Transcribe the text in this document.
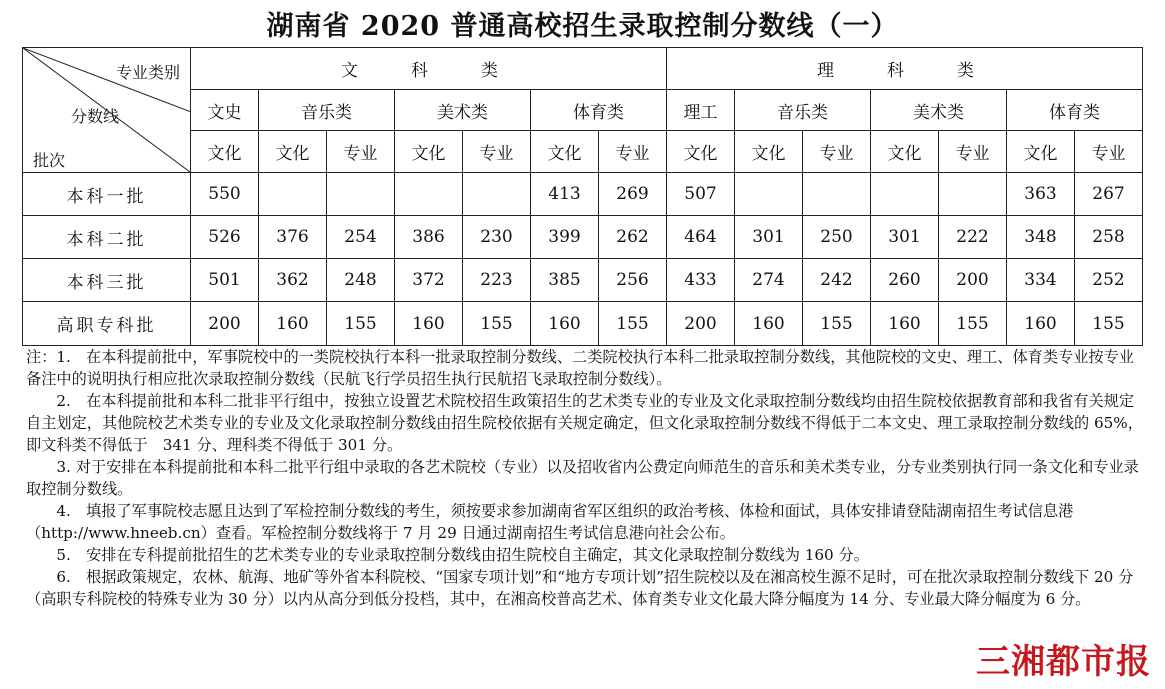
湖南省 2020 普通高校招生录取控制分数线（一）
专业类别
分数线
批次	文　科　类							理　科　类						
	文史	音乐类		美术类		体育类		理工	音乐类		美术类		体育类	
	文化	文化	专业	文化	专业	文化	专业	文化	文化	专业	文化	专业	文化	专业
本科一批	550					413	269	507					363	267
本科二批	526	376	254	386	230	399	262	464	301	250	301	222	348	258
本科三批	501	362	248	372	223	385	256	433	274	242	260	200	334	252
高职专科批	200	160	155	160	155	160	155	200	160	155	160	155	160	155

注：1.　在本科提前批中，军事院校中的一类院校执行本科一批录取控制分数线、二类院校执行本科二批录取控制分数线，其他院校的文史、理工、体育类专业按专业备注中的说明执行相应批次录取控制分数线（民航飞行学员招生执行民航招飞录取控制分数线）。

2.　在本科提前批和本科二批非平行组中，按独立设置艺术院校招生政策招生的艺术类专业的专业及文化录取控制分数线均由招生院校依据教育部和我省有关规定自主划定，其他院校艺术类专业的专业及文化录取控制分数线由招生院校依据有关规定确定，但文化录取控制分数线不得低于二本文史、理工录取控制分数线的 65%，即文科类不得低于　341 分、理科类不得低于 301 分。

3. 对于安排在本科提前批和本科二批平行组中录取的各艺术院校（专业）以及招收省内公费定向师范生的音乐和美术类专业，分专业类别执行同一条文化和专业录取控制分数线。

4.　填报了军事院校志愿且达到了军检控制分数线的考生，须按要求参加湖南省军区组织的政治考核、体检和面试，具体安排请登陆湖南招生考试信息港（http://www.hneeb.cn）查看。军检控制分数线将于 7 月 29 日通过湖南招生考试信息港向社会公布。

5.　安排在专科提前批招生的艺术类专业的专业录取控制分数线由招生院校自主确定，其文化录取控制分数线为 160 分。

6.　根据政策规定，农林、航海、地矿等外省本科院校、“国家专项计划”和“地方专项计划”招生院校以及在湘高校生源不足时，可在批次录取控制分数线下 20 分（高职专科院校的特殊专业为 30 分）以内从高分到低分投档，其中，在湘高校普高艺术、体育类专业文化最大降分幅度为 14 分、专业最大降分幅度为 6 分。

三湘都市报
